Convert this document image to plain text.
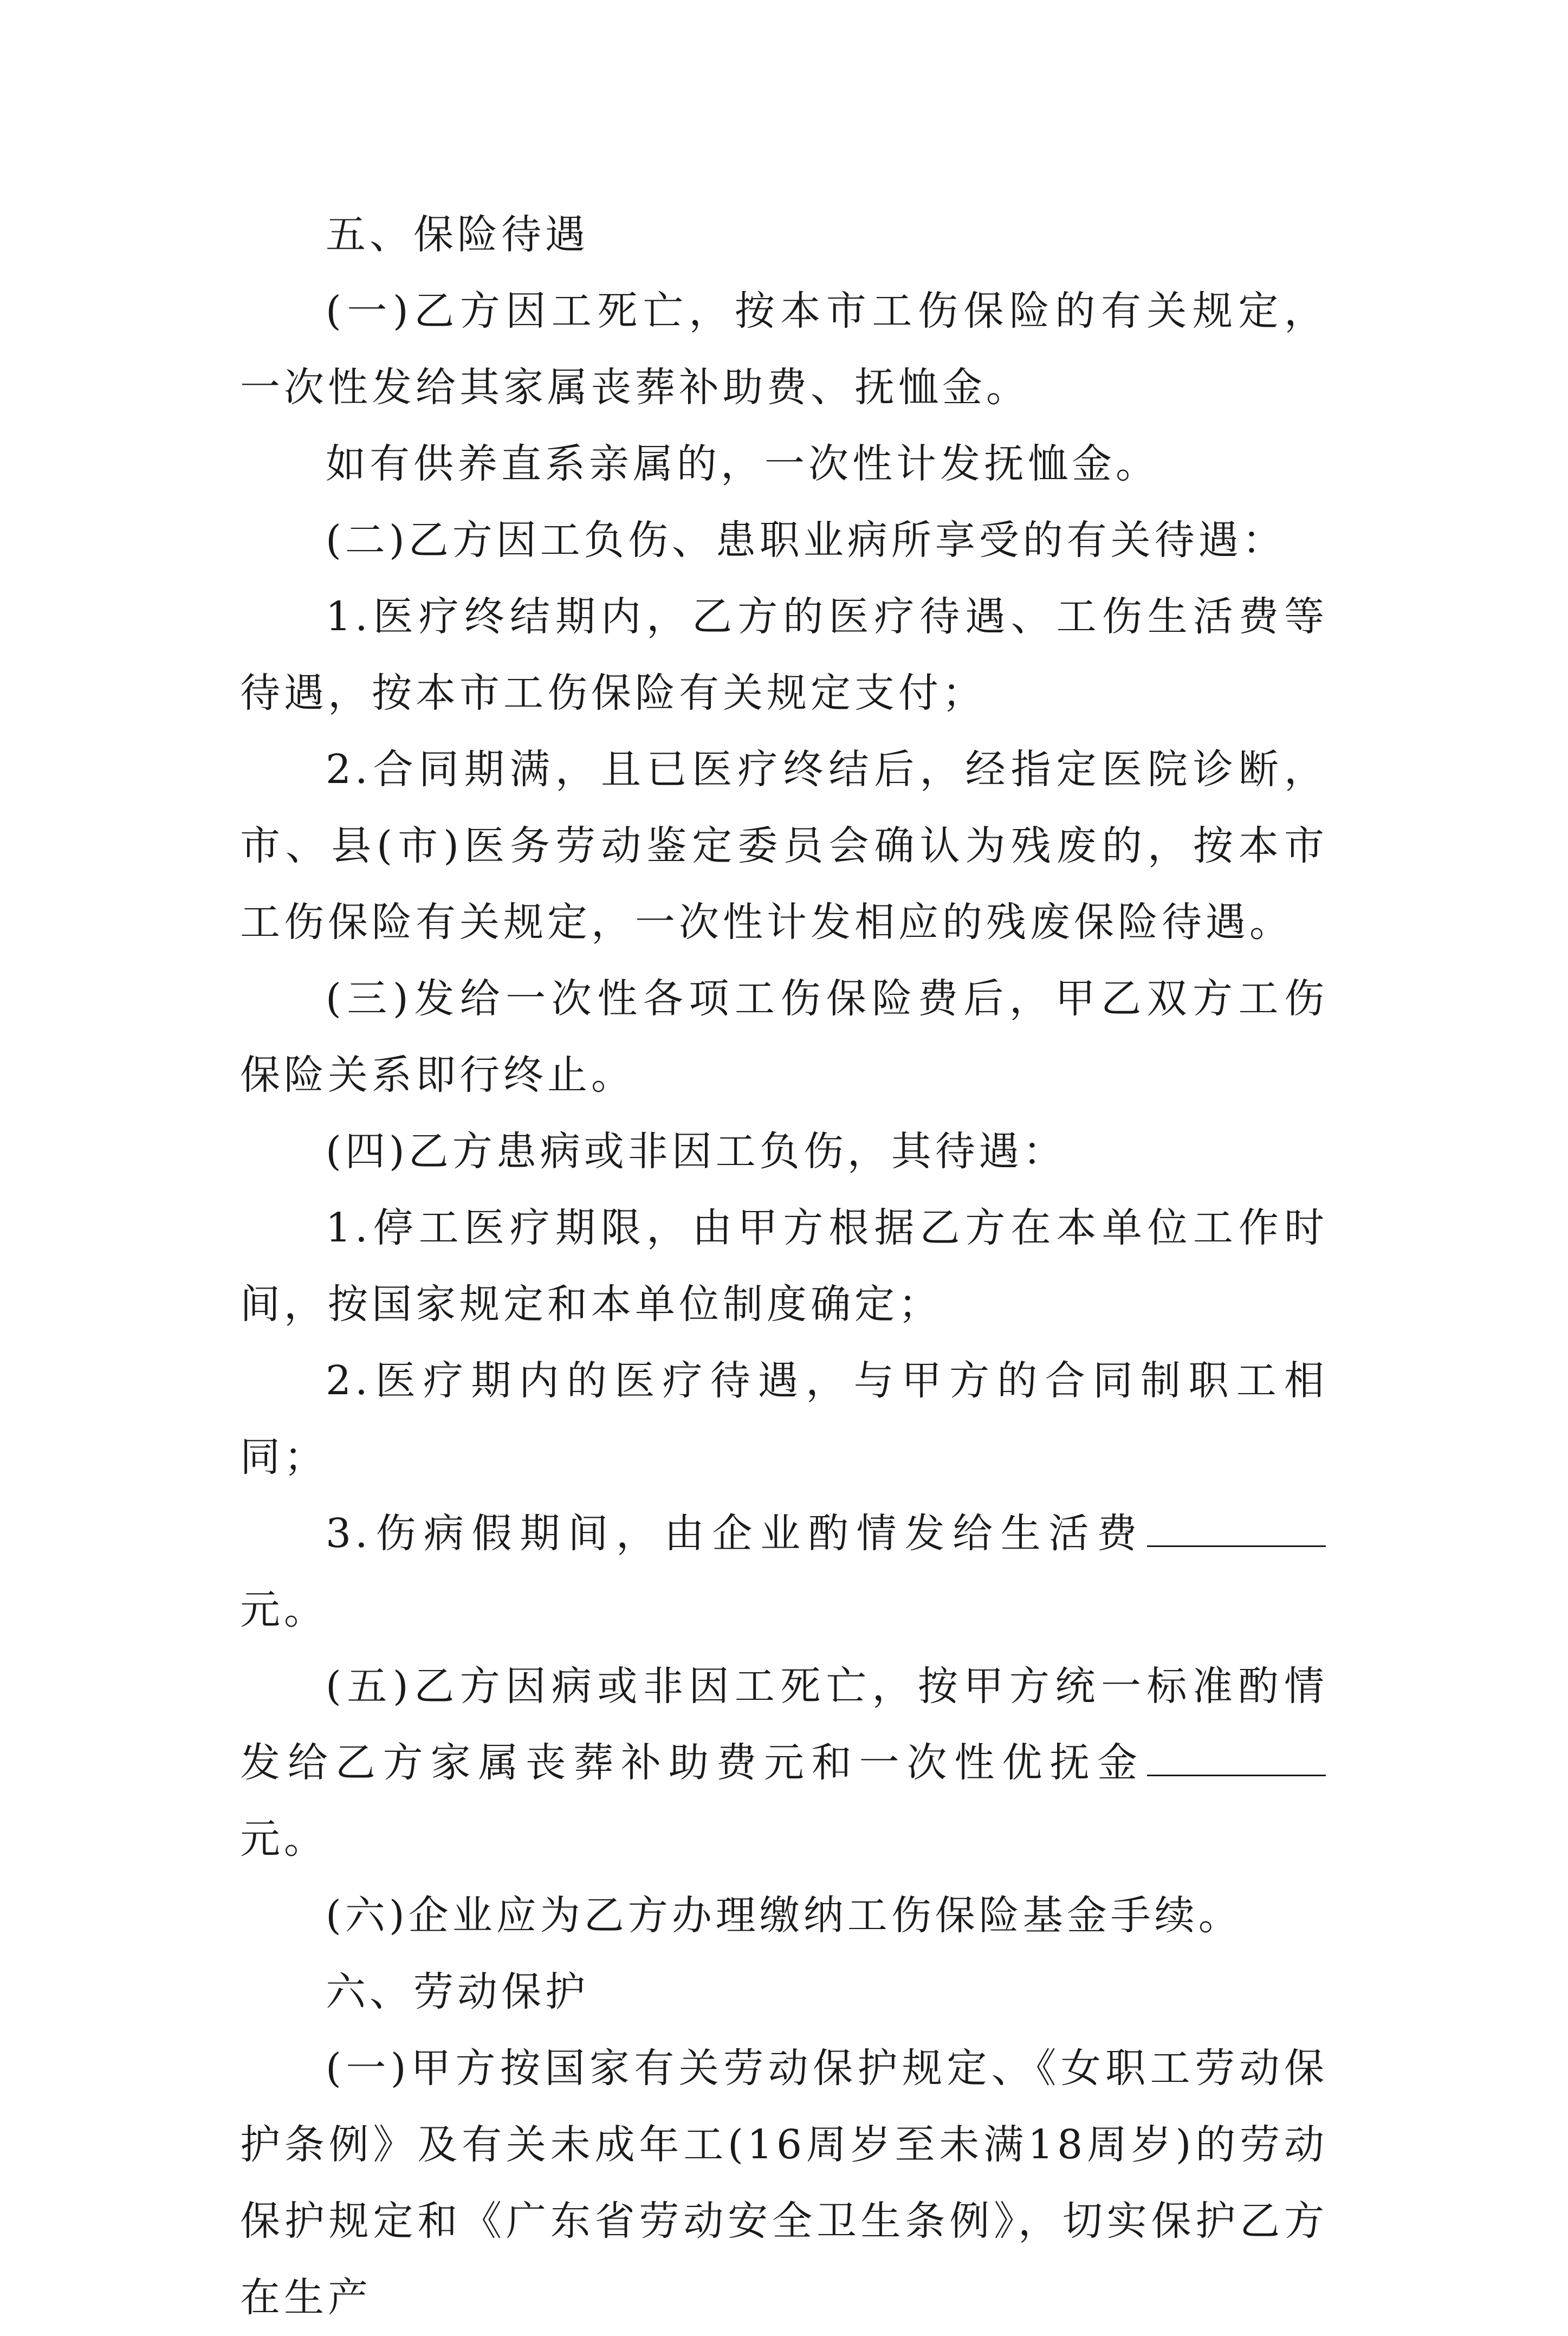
五、保险待遇

(一)乙方因工死亡，按本市工伤保险的有关规定，一次性发给其家属丧葬补助费、抚恤金。

如有供养直系亲属的，一次性计发抚恤金。

(二)乙方因工负伤、患职业病所享受的有关待遇：

1.医疗终结期内，乙方的医疗待遇、工伤生活费等待遇，按本市工伤保险有关规定支付；

2.合同期满，且已医疗终结后，经指定医院诊断，市、县(市)医务劳动鉴定委员会确认为残废的，按本市工伤保险有关规定，一次性计发相应的残废保险待遇。

(三)发给一次性各项工伤保险费后，甲乙双方工伤保险关系即行终止。

(四)乙方患病或非因工负伤，其待遇：

1.停工医疗期限，由甲方根据乙方在本单位工作时间，按国家规定和本单位制度确定；

2.医疗期内的医疗待遇，与甲方的合同制职工相同；

3.伤病假期间，由企业酌情发给生活费元。

(五)乙方因病或非因工死亡，按甲方统一标准酌情发给乙方家属丧葬补助费元和一次性优抚金元。

(六)企业应为乙方办理缴纳工伤保险基金手续。

六、劳动保护

(一)甲方按国家有关劳动保护规定、《女职工劳动保护条例》及有关未成年工(16周岁至未满18周岁)的劳动保护规定和《广东省劳动安全卫生条例》，切实保护乙方在生产
